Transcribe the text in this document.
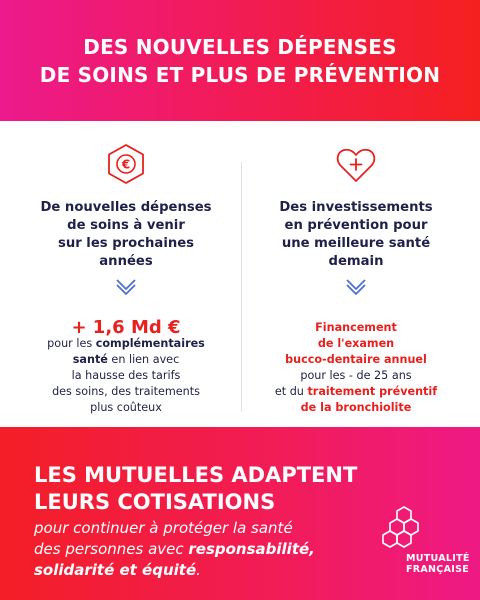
DES NOUVELLES DÉPENSES
DE SOINS ET PLUS DE PRÉVENTION
€
De nouvelles dépenses
de soins à venir
sur les prochaines
années
+ 1,6 Md €
pour les complémentaires
santé en lien avec
la hausse des tarifs
des soins, des traitements
plus coûteux
Des investissements
en prévention pour
une meilleure santé
demain
Financement
de l'examen
bucco-dentaire annuel
pour les - de 25 ans
et du traitement préventif
de la bronchiolite
LES MUTUELLES ADAPTENT
LEURS COTISATIONS
pour continuer à protéger la santé
des personnes avec responsabilité,
solidarité et équité.
MUTUALITÉ
FRANÇAISE
